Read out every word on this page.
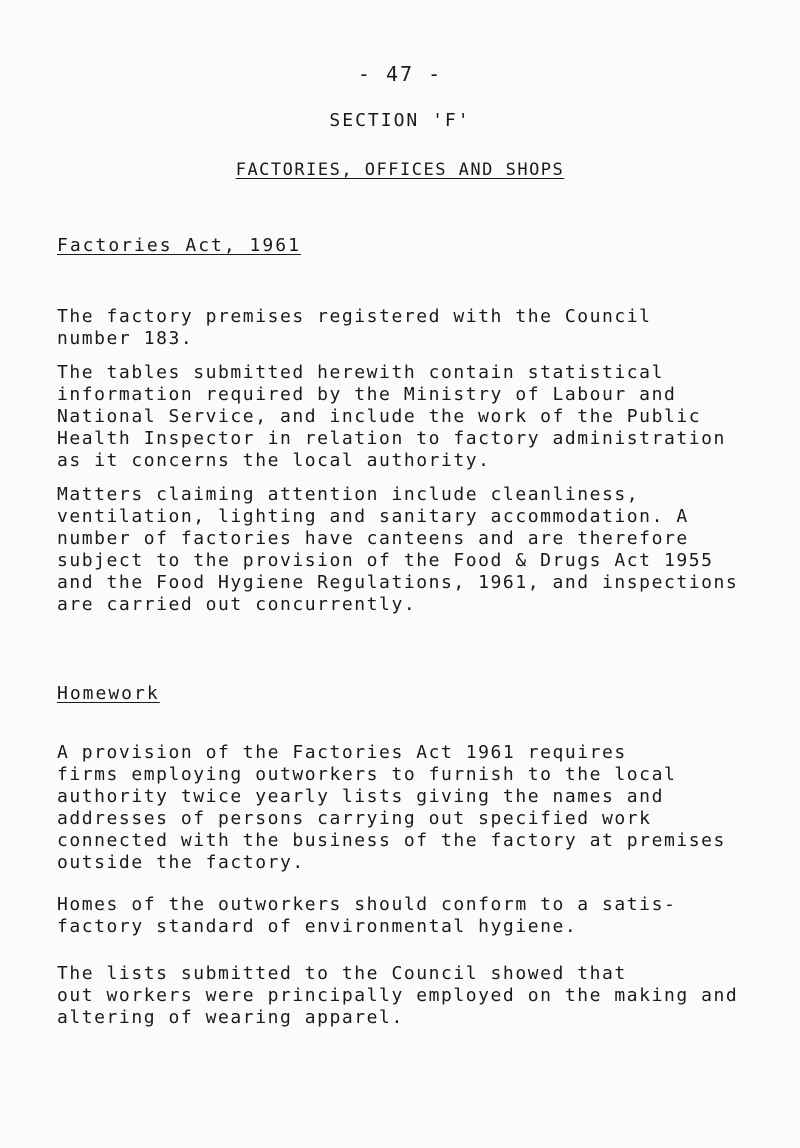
- 47 -
SECTION 'F'
FACTORIES, OFFICES AND SHOPS
Factories Act, 1961
The factory premises registered with the Council
number 183.
The tables submitted herewith contain statistical
information required by the Ministry of Labour and
National Service, and include the work of the Public
Health Inspector in relation to factory administration
as it concerns the local authority.
Matters claiming attention include cleanliness,
ventilation, lighting and sanitary accommodation. A
number of factories have canteens and are therefore
subject to the provision of the Food & Drugs Act 1955
and the Food Hygiene Regulations, 1961, and inspections
are carried out concurrently.
Homework
A provision of the Factories Act 1961 requires
firms employing outworkers to furnish to the local
authority twice yearly lists giving the names and
addresses of persons carrying out specified work
connected with the business of the factory at premises
outside the factory.
Homes of the outworkers should conform to a satis-
factory standard of environmental hygiene.
The lists submitted to the Council showed that
out workers were principally employed on the making and
altering of wearing apparel.
